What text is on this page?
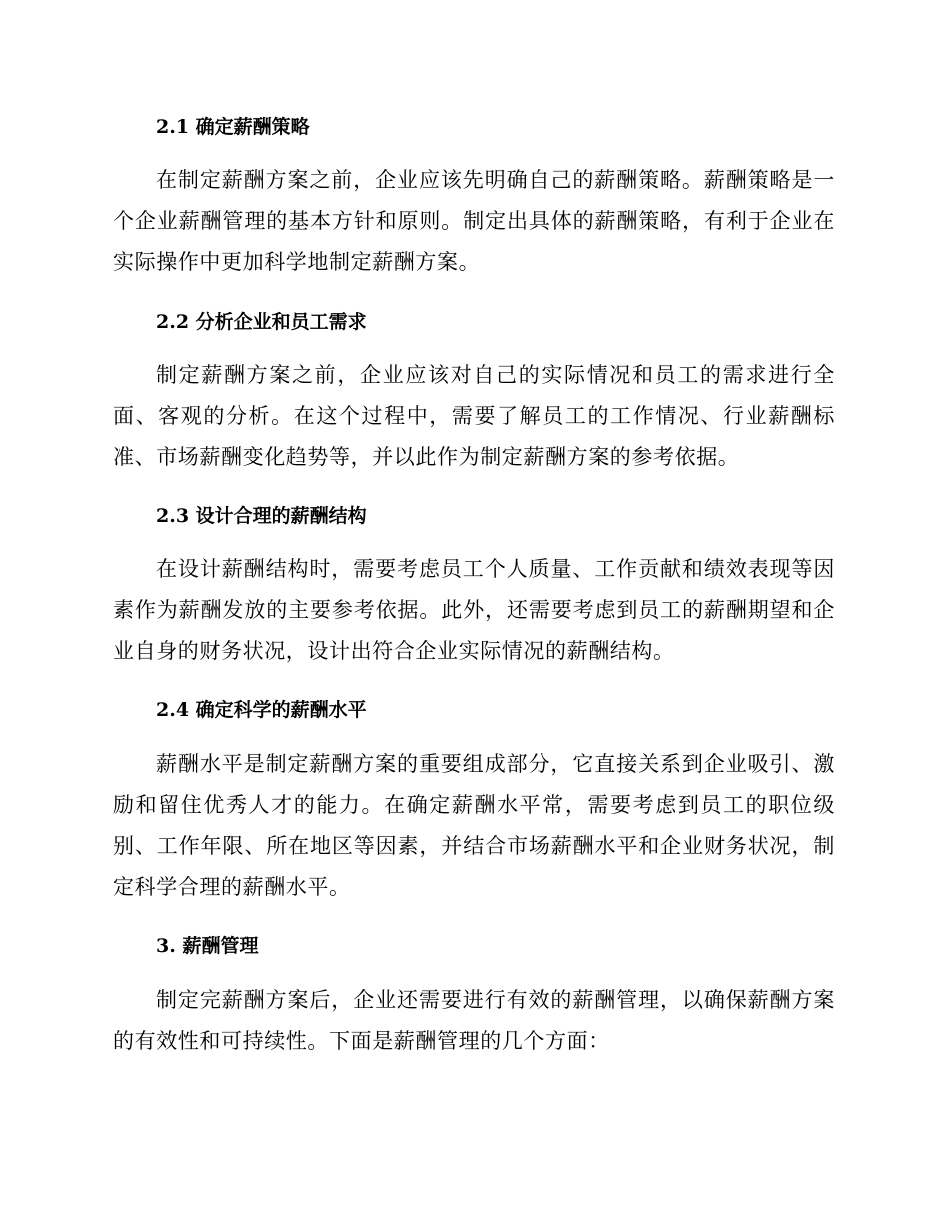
2.1 确定薪酬策略

在制定薪酬方案之前，企业应该先明确自己的薪酬策略。薪酬策略是一个企业薪酬管理的基本方针和原则。制定出具体的薪酬策略，有利于企业在实际操作中更加科学地制定薪酬方案。

2.2 分析企业和员工需求

制定薪酬方案之前，企业应该对自己的实际情况和员工的需求进行全面、客观的分析。在这个过程中，需要了解员工的工作情况、行业薪酬标准、市场薪酬变化趋势等，并以此作为制定薪酬方案的参考依据。

2.3 设计合理的薪酬结构

在设计薪酬结构时，需要考虑员工个人质量、工作贡献和绩效表现等因素作为薪酬发放的主要参考依据。此外，还需要考虑到员工的薪酬期望和企业自身的财务状况，设计出符合企业实际情况的薪酬结构。

2.4 确定科学的薪酬水平

薪酬水平是制定薪酬方案的重要组成部分，它直接关系到企业吸引、激励和留住优秀人才的能力。在确定薪酬水平常，需要考虑到员工的职位级别、工作年限、所在地区等因素，并结合市场薪酬水平和企业财务状况，制定科学合理的薪酬水平。

3. 薪酬管理

制定完薪酬方案后，企业还需要进行有效的薪酬管理，以确保薪酬方案的有效性和可持续性。下面是薪酬管理的几个方面：
